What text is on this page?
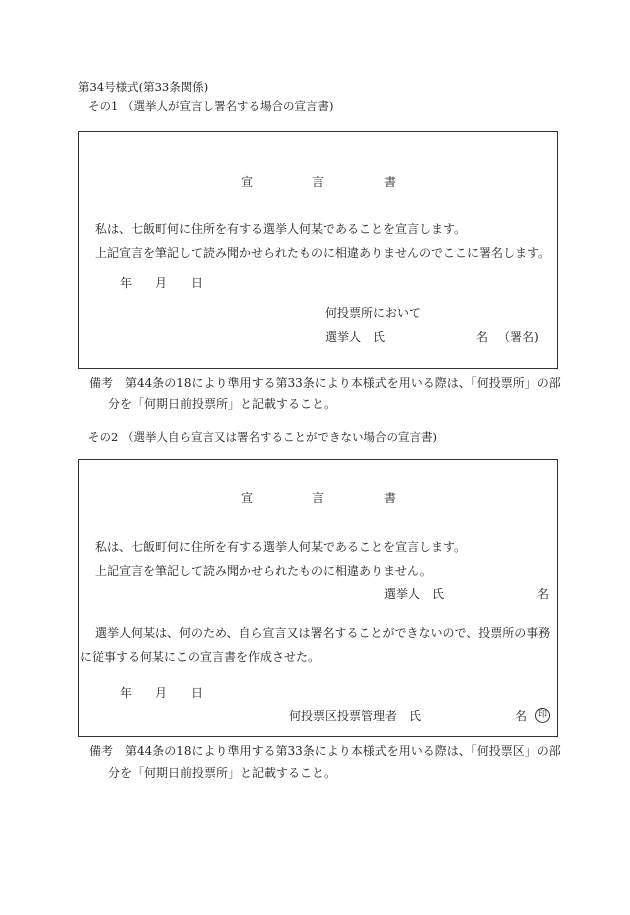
第34号様式(第33条関係)
その1 （選挙人が宣言し署名する場合の宣言書)
宣	言	書
私は、七飯町何に住所を有する選挙人何某であることを宣言します。
上記宣言を筆記して読み聞かせられたものに相違ありませんのでここに署名します。
年 月 日
何投票所において
選挙人　氏	名 （署名)
備考　第44条の18により準用する第33条により本様式を用いる際は、「何投票所」の部
分を「何期日前投票所」と記載すること。
その2 （選挙人自ら宣言又は署名することができない場合の宣言書)
宣	言	書
私は、七飯町何に住所を有する選挙人何某であることを宣言します。
上記宣言を筆記して読み聞かせられたものに相違ありません。
選挙人　氏	名
選挙人何某は、何のため、自ら宣言又は署名することができないので、投票所の事務
に従事する何某にこの宣言書を作成させた。
年 月 日
何投票区投票管理者　氏	名	印
備考　第44条の18により準用する第33条により本様式を用いる際は、「何投票区」の部
分を「何期日前投票所」と記載すること。
